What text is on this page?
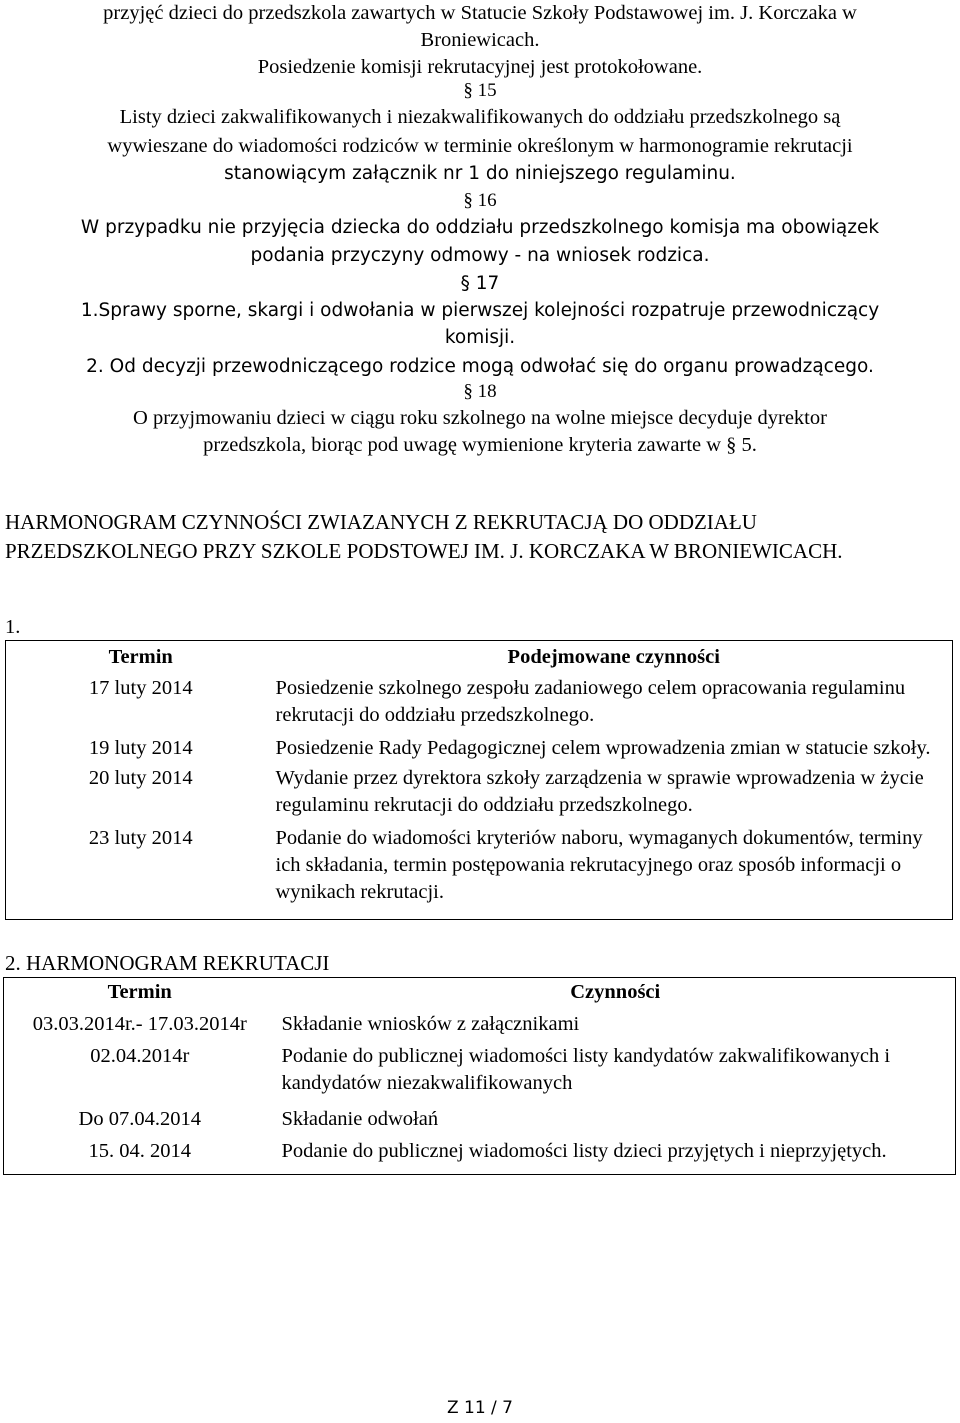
przyjęć dzieci do przedszkola zawartych w Statucie Szkoły Podstawowej im. J. Korczaka w
Broniewicach.
Posiedzenie komisji rekrutacyjnej jest protokołowane.
§ 15
Listy dzieci zakwalifikowanych i niezakwalifikowanych do oddziału przedszkolnego są
wywieszane do wiadomości rodziców w terminie określonym w harmonogramie rekrutacji
stanowiącym załącznik nr 1 do niniejszego regulaminu.
§ 16
W przypadku nie przyjęcia dziecka do oddziału przedszkolnego komisja ma obowiązek
podania przyczyny odmowy - na wniosek rodzica.
§ 17
1.Sprawy sporne, skargi i odwołania w pierwszej kolejności rozpatruje przewodniczący
komisji.
2. Od decyzji przewodniczącego rodzice mogą odwołać się do organu prowadzącego.
§ 18
O przyjmowaniu dzieci w ciągu roku szkolnego na wolne miejsce decyduje dyrektor
przedszkola, biorąc pod uwagę wymienione kryteria zawarte w § 5.
HARMONOGRAM CZYNNOŚCI ZWIAZANYCH Z REKRUTACJĄ DO ODDZIAŁU PRZEDSZKOLNEGO PRZY SZKOLE PODSTOWEJ IM. J. KORCZAKA W BRONIEWICACH.
1.
Termin	Podejmowane czynności
17 luty 2014	Posiedzenie szkolnego zespołu zadaniowego celem opracowania regulaminu rekrutacji do oddziału przedszkolnego.
19 luty 2014	Posiedzenie Rady Pedagogicznej celem wprowadzenia zmian w statucie szkoły.
20 luty 2014	Wydanie przez dyrektora szkoły zarządzenia w sprawie wprowadzenia w życie regulaminu rekrutacji do oddziału przedszkolnego.
23 luty 2014	Podanie do wiadomości kryteriów naboru, wymaganych dokumentów, terminy ich składania, termin postępowania rekrutacyjnego oraz sposób informacji o wynikach rekrutacji.
2. HARMONOGRAM REKRUTACJI
Termin	Czynności
03.03.2014r.- 17.03.2014r	Składanie wniosków z załącznikami
02.04.2014r	Podanie do publicznej wiadomości listy kandydatów zakwalifikowanych i kandydatów niezakwalifikowanych
Do 07.04.2014	Składanie odwołań
15. 04. 2014	Podanie do publicznej wiadomości listy dzieci przyjętych i nieprzyjętych.
Z 11 / 7
